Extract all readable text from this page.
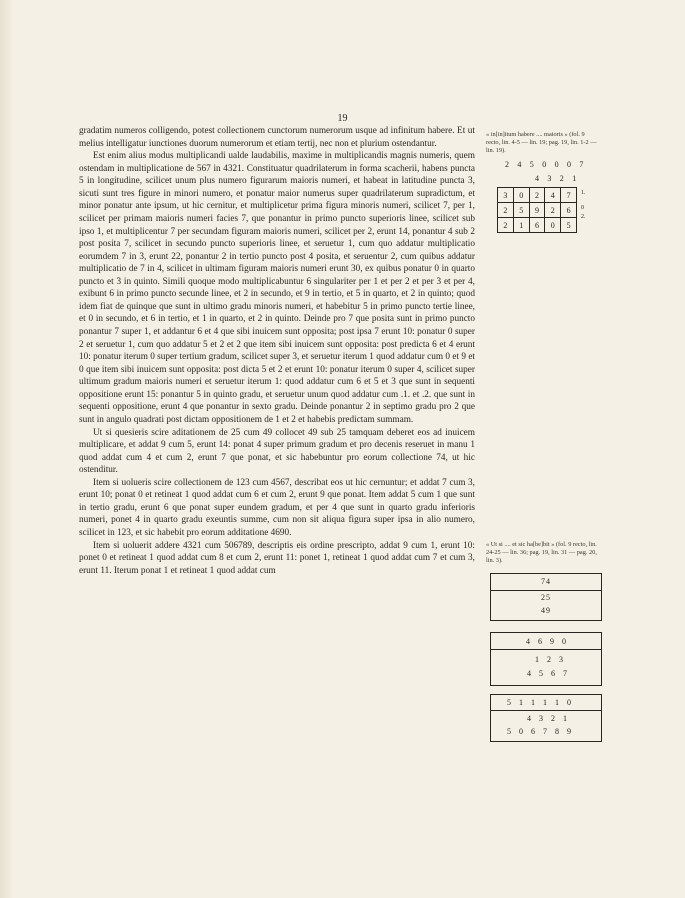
19

gradatim numeros colligendo, potest collectionem cunctorum numerorum usque ad infinitum habere. Et ut melius intelligatur iunctiones duorum numerorum et etiam tertij, nec non et plurium ostendantur.

Est enim alius modus multiplicandi ualde laudabilis, maxime in multiplicandis magnis numeris, quem ostendam in multiplicatione de 567 in 4321. Constituatur quadrilaterum in forma scacherii, habens puncta 5 in longitudine, scilicet unum plus numero figurarum maioris numeri, et habeat in latitudine puncta 3, sicuti sunt tres figure in minori numero, et ponatur maior numerus super quadrilaterum supradictum, et minor ponatur ante ipsum, ut hic cernitur, et multiplicetur prima figura minoris numeri, scilicet 7, per 1, scilicet per primam maioris numeri facies 7, que ponantur in primo puncto superioris linee, scilicet sub ipso 1, et multiplicentur 7 per secundam figuram maioris numeri, scilicet per 2, erunt 14, ponantur 4 sub 2 post posita 7, scilicet in secundo puncto superioris linee, et seruetur 1, cum quo addatur multiplicatio eorumdem 7 in 3, erunt 22, ponantur 2 in tertio puncto post 4 posita, et seruentur 2, cum quibus addatur multiplicatio de 7 in 4, scilicet in ultimam figuram maioris numeri erunt 30, ex quibus ponatur 0 in quarto puncto et 3 in quinto. Simili quoque modo multiplicabuntur 6 singulariter per 1 et per 2 et per 3 et per 4, exibunt 6 in primo puncto secunde linee, et 2 in secundo, et 9 in tertio, et 5 in quarto, et 2 in quinto; quod idem fiat de quinque que sunt in ultimo gradu minoris numeri, et habebitur 5 in primo puncto tertie linee, et 0 in secundo, et 6 in tertio, et 1 in quarto, et 2 in quinto. Deinde pro 7 que posita sunt in primo puncto ponantur 7 super 1, et addantur 6 et 4 que sibi inuicem sunt opposita; post ipsa 7 erunt 10: ponatur 0 super 2 et seruetur 1, cum quo addatur 5 et 2 et 2 que item sibi inuicem sunt opposita: post predicta 6 et 4 erunt 10: ponatur iterum 0 super tertium gradum, scilicet super 3, et seruetur iterum 1 quod addatur cum 0 et 9 et 0 que item sibi inuicem sunt opposita: post dicta 5 et 2 et erunt 10: ponatur iterum 0 super 4, scilicet super ultimum gradum maioris numeri et seruetur iterum 1: quod addatur cum 6 et 5 et 3 que sunt in sequenti oppositione erunt 15: ponantur 5 in quinto gradu, et seruetur unum quod addatur cum .1. et .2. que sunt in sequenti oppositione, erunt 4 que ponantur in sexto gradu. Deinde ponantur 2 in septimo gradu pro 2 que sunt in angulo quadrati post dictam oppositionem de 1 et 2 et habebis predictam summam.

Ut si quesieris scire aditationem de 25 cum 49 collocet 49 sub 25 tamquam deberet eos ad inuicem multiplicare, et addat 9 cum 5, erunt 14: ponat 4 super primum gradum et pro decenis reseruet in manu 1 quod addat cum 4 et cum 2, erunt 7 que ponat, et sic habebuntur pro eorum collectione 74, ut hic ostenditur.

Item si uolueris scire collectionem de 123 cum 4567, describat eos ut hic cernuntur; et addat 7 cum 3, erunt 10; ponat 0 et retineat 1 quod addat cum 6 et cum 2, erunt 9 que ponat. Item addat 5 cum 1 que sunt in tertio gradu, erunt 6 que ponat super eundem gradum, et per 4 que sunt in quarto gradu inferioris numeri, ponet 4 in quarto gradu exeuntis summe, cum non sit aliqua figura super ipsa in alio numero, scilicet in 123, et sic habebit pro eorum additatione 4690.

Item si uoluerit addere 4321 cum 506789, descriptis eis ordine prescripto, addat 9 cum 1, erunt 10: ponet 0 et retineat 1 quod addat cum 8 et cum 2, erunt 11: ponet 1, retineat 1 quod addat cum 7 et cum 3, erunt 11. Iterum ponat 1 et retineat 1 quod addat cum

« in[in]itum habere .... maioris » (fol. 9 recto, lin. 4-5 — lin. 19; pag. 19, lin. 1-2 — lin. 19).
2 4 5 0 0 0 7
4 3 2 1
3	0	2	4	7
2	5	9	2	6
2	1	6	0	5
1.
0
2.
« Ut si .... et sic ha[be]bit » (fol. 9 recto, lin. 24-25 — lin. 36; pag. 19, lin. 31 — pag. 20, lin. 3).
74
25
49
4 6 9 0
1 2 3
4 5 6 7
5 1 1 1 1 0
4 3 2 1
5 0 6 7 8 9
